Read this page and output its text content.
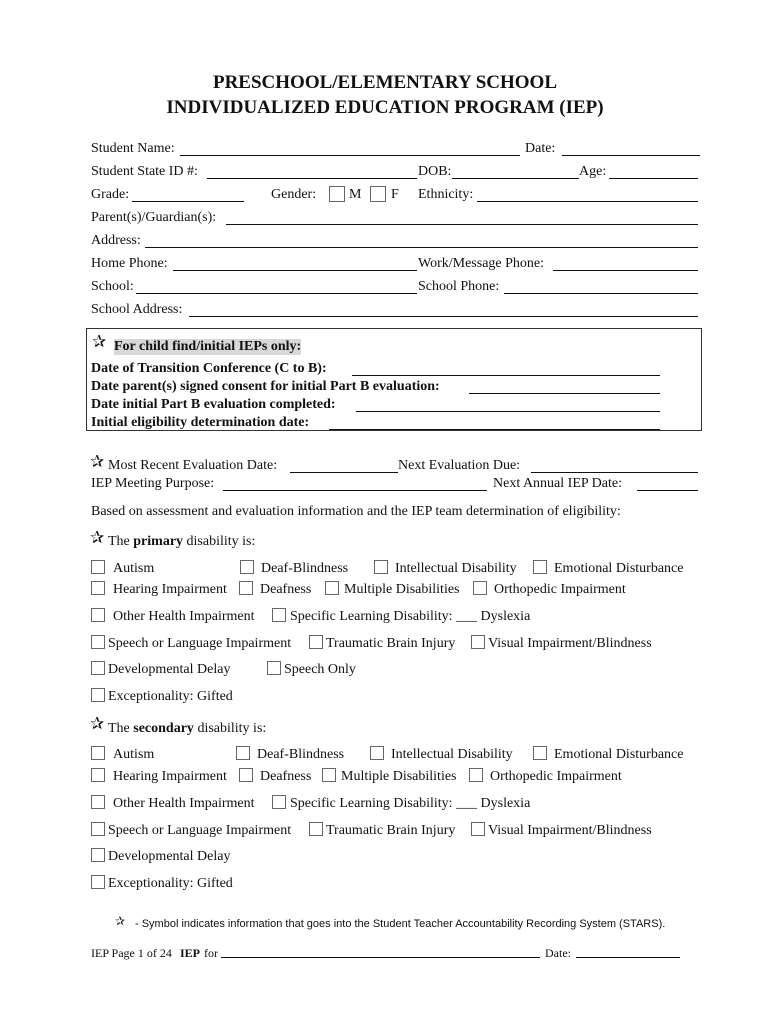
PRESCHOOL/ELEMENTARY SCHOOL
INDIVIDUALIZED EDUCATION PROGRAM (IEP)
Student Name:	Date:
Student State ID #:	DOB:	Age:
Grade:	Gender: M F Ethnicity:
Parent(s)/Guardian(s):
Address:
Home Phone:	Work/Message Phone:
School:	School Phone:
School Address:
✰ For child find/initial IEPs only:
Date of Transition Conference (C to B):
Date parent(s) signed consent for initial Part B evaluation:
Date initial Part B evaluation completed:
Initial eligibility determination date:
✰ Most Recent Evaluation Date:	Next Evaluation Due:
IEP Meeting Purpose:	Next Annual IEP Date:
Based on assessment and evaluation information and the IEP team determination of eligibility:
✰ The primary disability is:
Autism	Deaf-Blindness	Intellectual Disability	Emotional Disturbance
Hearing Impairment Deafness Multiple Disabilities Orthopedic Impairment
Other Health Impairment	Specific Learning Disability: ___ Dyslexia
Speech or Language Impairment Traumatic Brain Injury Visual Impairment/Blindness
Developmental Delay	Speech Only
Exceptionality: Gifted
✰ The secondary disability is:
Autism	Deaf-Blindness	Intellectual Disability	Emotional Disturbance
Hearing Impairment Deafness Multiple Disabilities Orthopedic Impairment
Other Health Impairment	Specific Learning Disability: ___ Dyslexia
Speech or Language Impairment Traumatic Brain Injury Visual Impairment/Blindness
Developmental Delay
Exceptionality: Gifted
✰ - Symbol indicates information that goes into the Student Teacher Accountability Recording System (STARS).
IEP Page 1 of 24 IEP for	Date:
